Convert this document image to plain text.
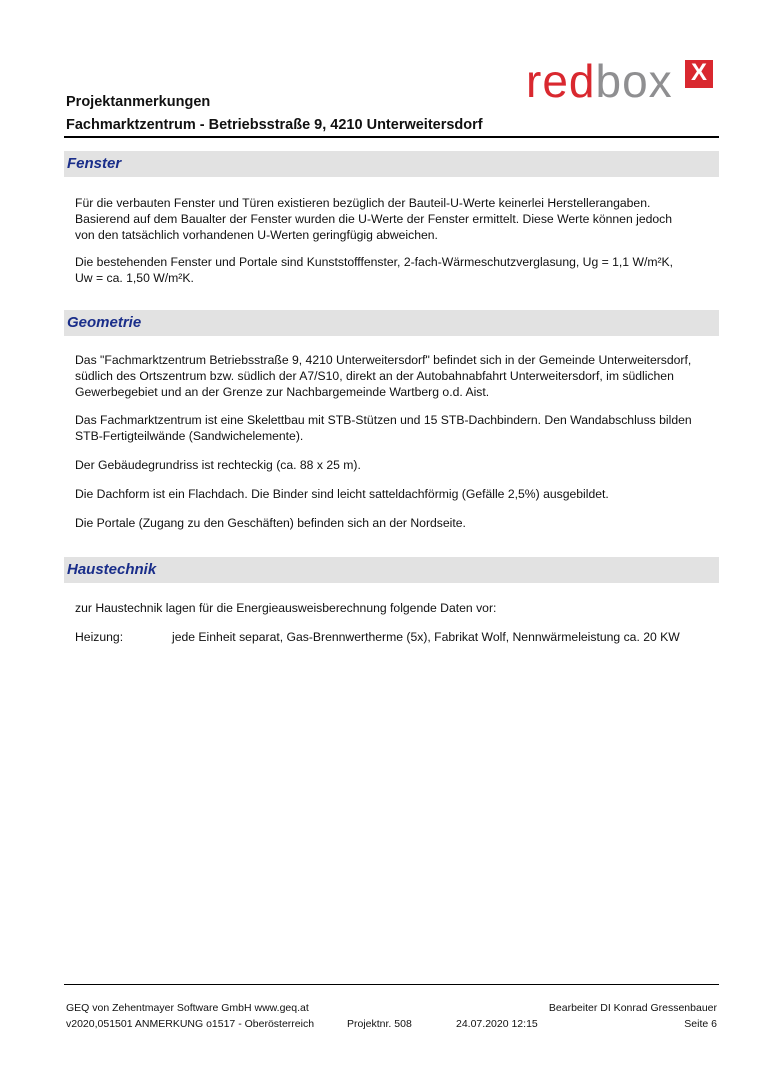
Projektanmerkungen
Fachmarktzentrum - Betriebsstraße 9, 4210 Unterweitersdorf
redbox X
Fenster
Für die verbauten Fenster und Türen existieren bezüglich der Bauteil-U-Werte keinerlei Herstellerangaben.
Basierend auf dem Baualter der Fenster wurden die U-Werte der Fenster ermittelt. Diese Werte können jedoch
von den tatsächlich vorhandenen U-Werten geringfügig abweichen.
Die bestehenden Fenster und Portale sind Kunststofffenster, 2-fach-Wärmeschutzverglasung, Ug = 1,1 W/m²K,
Uw = ca. 1,50 W/m²K.
Geometrie
Das "Fachmarktzentrum Betriebsstraße 9, 4210 Unterweitersdorf" befindet sich in der Gemeinde Unterweitersdorf,
südlich des Ortszentrum bzw. südlich der A7/S10, direkt an der Autobahnabfahrt Unterweitersdorf, im südlichen
Gewerbegebiet und an der Grenze zur Nachbargemeinde Wartberg o.d. Aist.
Das Fachmarktzentrum ist eine Skelettbau mit STB-Stützen und 15 STB-Dachbindern. Den Wandabschluss bilden
STB-Fertigteilwände (Sandwichelemente).
Der Gebäudegrundriss ist rechteckig (ca. 88 x 25 m).
Die Dachform ist ein Flachdach. Die Binder sind leicht satteldachförmig (Gefälle 2,5%) ausgebildet.
Die Portale (Zugang zu den Geschäften) befinden sich an der Nordseite.
Haustechnik
zur Haustechnik lagen für die Energieausweisberechnung folgende Daten vor:
Heizung:	jede Einheit separat, Gas-Brennwertherme (5x), Fabrikat Wolf, Nennwärmeleistung ca. 20 KW
GEQ von Zehentmayer Software GmbH www.geq.at
v2020,051501 ANMERKUNG o1517 - Oberösterreich	Projektnr. 508	24.07.2020 12:15
Bearbeiter DI Konrad Gressenbauer
Seite 6
